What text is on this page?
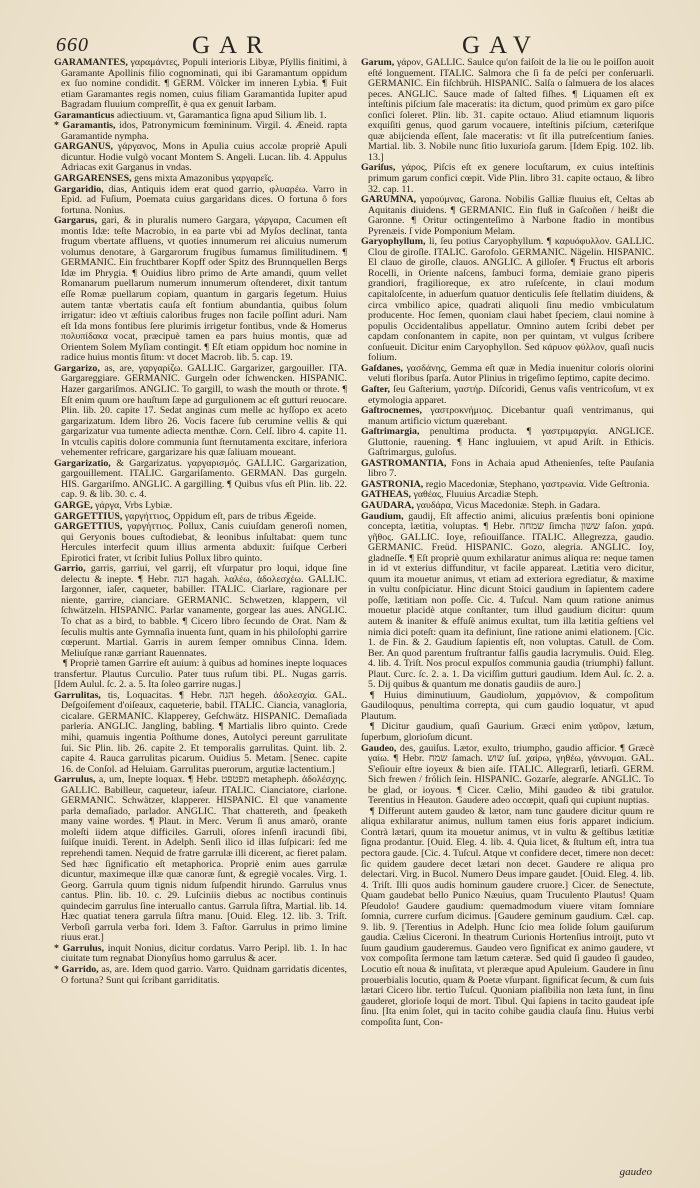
660	GAR	GAV

GARAMANTES, γαραμάντες, Populi interioris Libyæ, Pſyllis finitimi, à Garamante Apollinis filio cognominati, qui ibi Garamantum oppidum ex ſuo nomine condidit. ¶ GERM. Völcker im inneren Lybia. ¶ Fuit etiam Garamantes regis nomen, cuius filiam Garamantida Iupiter apud Bagradam fluuium compreſſit, è qua ex genuit Iarbam.

Garamanticus adiectiuum. vt, Garamantica ſigna apud Silium lib. 1.

* Garamantis, idos, Patronymicum fœmininum. Virgil. 4. Æneid. rapta Garamantide nympha.

GARGANUS, γάργανος, Mons in Apulia cuius accolæ propriè Apuli dicuntur. Hodie vulgò vocant Montem S. Angeli. Lucan. lib. 4. Appulus Adriacas exit Garganus in vndas.

GARGARENSES, gens mixta Amazonibus γαργαρεῖς.

Gargaridio, dias, Antiquis idem erat quod garrio, φλυαρέω. Varro in Epid. ad Fuſium, Poemata cuius gargaridans dices. O fortuna ô fors fortuna. Nonius.

Gargarus, gari, & in pluralis numero Gargara, γάργαρα, Cacumen eſt montis Idæ: teſte Macrobio, in ea parte vbi ad Myſos declinat, tanta frugum vbertate affluens, vt quoties innumerum rei alicuius numerum volumus denotare, à Gargarorum frugibus ſumamus ſimilitudinem. ¶ GERMANIC. Ein fruchtbarer Kopff oder Spitz des Brunnquellen Bergs Idæ im Phrygia. ¶ Ouidius libro primo de Arte amandi, quum vellet Romanarum puellarum numerum innumerum oſtenderet, dixit tantum eſſe Romæ puellarum copiam, quantum in gargaris ſegetum. Huius autem tantæ vbertatis cauſa eſt fontium abundantia, quibus ſolum irrigatur: ideo vt æſtiuis caloribus fruges non facile poſſint aduri. Nam eſt Ida mons fontibus ſere plurimis irrigetur fontibus, vnde & Homerus πολυπίδακα vocat, præcipuè tamen ea pars huius montis, quæ ad Orientem Solem Myſiam contingit. ¶ Eſt etiam oppidum hoc nomine in radice huius montis ſitum: vt docet Macrob. lib. 5. cap. 19.

Gargarizo, as, are, γαργαρίζω. GALLIC. Gargarizer, gargouiller. ITA. Gargareggiare. GERMANIC. Gurgeln oder ſchwencken. HISPANIC. Hazer gargariſmos. ANGLIC. To gargill, to wash the mouth or throte. ¶ Eſt enim quum ore hauſtum ſæpe ad gurgulionem ac eſt gutturi reuocare. Plin. lib. 20. capite 17. Sedat anginas cum melle ac hyſſopo ex aceto gargarizatum. Idem libro 26. Vocis facere ſub cerumine vellis & qui gargarizatur vua tumente adiecta menthæ. Corn. Celſ. libro 4. capite 11. In vtculis capitis dolore communia ſunt ſternutamenta excitare, inferiora vehementer refricare, gargarizare his quæ ſaliuam moueant.

Gargarizatio, & Gargarizatus. γαργαρισμός. GALLIC. Gargarization, gargouillement. ITALIC. Gargariſamento. GERMAN. Das gurgeln. HIS. Gargariſmo. ANGLIC. A gargilling. ¶ Quibus vſus eſt Plin. lib. 22. cap. 9. & lib. 30. c. 4.

GARGE, γάργα, Vrbs Lybiæ.

GARGETTIUS, γαργήττιος, Oppidum eſt, pars de tribus Ægeide.

GARGETTIUS, γαργήττιος. Pollux, Canis cuiuſdam generoſi nomen, qui Geryonis boues cuſtodiebat, & leonibus inſultabat: quem tunc Hercules interfecit quum illius armenta abduxit: ſuiſque Cerberi Epirotici frater, vt ſcribit Iulius Pollux libro quinto.

Garrio, garris, garriui, vel garrij, eſt vſurpatur pro loqui, idque ſine delectu & inepte. ¶ Hebr. הגה hagah. λαλέω, ἀδολεσχέω. GALLIC. Iargonner, iaſer, caqueter, babiller. ITALIC. Ciarlare, ragionare per niente, garrire, cianciare. GERMANIC. Schwetzen, klappern, vil ſchwätzeln. HISPANIC. Parlar vanamente, gorgear las aues. ANGLIC. To chat as a bird, to babble. ¶ Cicero libro ſecundo de Orat. Nam & ſeculis multis ante Gymnaſia inuenta ſunt, quam in his philoſophi garrire cœperunt. Martial. Garris in aurem ſemper omnibus Cinna. Idem. Meliuſque ranæ garriant Rauennates.

¶ Propriè tamen Garrire eſt auium: à quibus ad homines inepte loquaces transfertur. Plautus Curculio. Pater tuus ruſum tibi. PL. Nugas garris. [Idem Aulul. ſc. 2. a. 5. Ita ſoleo garrire nugas.]

Garrulitas, tis, Loquacitas. ¶ Hebr. הגה hegeh. ἀδολεσχία. GAL. Deſgoiſement d'oiſeaux, caqueterie, babil. ITALIC. Ciancia, vanagloria, cicalare. GERMANIC. Klapperey, Geſchwätz. HISPANIC. Demaſiada parleria. ANGLIC. Jangling, babling. ¶ Martialis libro quinto. Crede mihi, quamuis ingentia Poſthume dones, Autolyci pereunt garrulitate ſui. Sic Plin. lib. 26. capite 2. Et temporalis garrulitas. Quint. lib. 2. capite 4. Rauca garrulitas picarum. Ouidius 5. Metam. [Senec. capite 16. de Conſol. ad Heluiam. Garrulitas puerorum, argutiæ lactentium.]

Garrulus, a, um, Inepte loquax. ¶ Hebr. מפטפט metapheph. ἀδολέσχης. GALLIC. Babilleur, caqueteur, iaſeur. ITALIC. Cianciatore, ciarlone. GERMANIC. Schwätzer, klapperer. HISPANIC. El que vanamente parla demaſiado, parlador. ANGLIC. That chattereth, and ſpeaketh many vaine wordes. ¶ Plaut. in Merc. Verum ſi anus amarò, orante moleſti iidem atque difficiles. Garruli, oſores inſenſi iracundi ſibi, ſuiſque inuidi. Terent. in Adelph. Senſi ilico id illas ſuſpicari: ſed me reprehendi tamen. Nequid de fratre garrulæ illi dicerent, ac fieret palam. Sed hæc ſignificatio eſt metaphorica. Propriè enim aues garrulæ dicuntur, maximeque illæ quæ canoræ ſunt, & egregiè vocales. Virg. 1. Georg. Garrula quum tignis nidum ſuſpendit hirundo. Garrulus vnus cantus. Plin. lib. 10. c. 29. Luſciniis diebus ac noctibus continuis quindecim garrulus ſine interuallo cantus. Garrula ſiſtra, Martial. lib. 14. Hæc quatiat tenera garrula ſiſtra manu. [Ouid. Eleg. 12. lib. 3. Triſt. Verboſi garrula verba fori. Idem 3. Faſtor. Garrulus in primo limine riuus erat.]

* Garrulus, inquit Nonius, dicitur cordatus. Varro Peripl. lib. 1. In hac ciuitate tum regnabat Dionyſius homo garrulus & acer.

* Garrido, as, are. Idem quod garrio. Varro. Quidnam garridatis dicentes, O fortuna? Sunt qui ſcribant garriditatis.

Garum, γάρον, GALLIC. Saulce qu'on faiſoit de la lie ou le poiſſon auoit eſté longuement. ITALIC. Salmora che ſi fa de peſci per conſeruarli. GERMANIC. Ein fiſchbrüh. HISPANIC. Salſa o ſalmuera de los alaces peces. ANGLIC. Sauce made of ſalted fiſhes. ¶ Liquamen eſt ex inteſtinis piſcium ſale maceratis: ita dictum, quod primùm ex garo piſce conſici ſoleret. Plin. lib. 31. capite octauo. Aliud etiamnum liquoris exquiſiti genus, quod garum vocauere, inteſtinis piſcium, cæteriſque quæ abijcienda eſſent, ſale maceratis: vt ſit illa putreſcentium ſanies. Martial. lib. 3. Nobile nunc ſitio luxurioſa garum. [Idem Epig. 102. lib. 13.]

Gariſus, γάρος, Piſcis eſt ex genere locuſtarum, ex cuius inteſtinis primum garum confici cœpit. Vide Plin. libro 31. capite octauo, & libro 32. cap. 11.

GARUMNA, γαρούμνας, Garona. Nobilis Galliæ fluuius eſt, Celtas ab Aquitanis diuidens. ¶ GERMANIC. Ein fluß in Gaſcoñen / heißt die Garonne. ¶ Oritur octingenteſimo à Narbone ſtadio in montibus Pyrenæis. ſ vide Pomponium Melam.

Garyophyllum, li, ſeu potius Caryophyllum. ¶ καρυόφυλλον. GALLIC. Clou de giroſle. ITALIC. Garofolo. GERMANIC. Nägelin. HISPANIC. El clauo de giroſle, clauos. ANGLIC. A gilloſer. ¶ Fructus eſt arboris Rocelli, in Oriente naſcens, ſambuci forma, demiaie grano piperis grandiori, fragilioreque, ex atro ruſeſcente, in claui modum capitaloſcente, in aduerſum quatuor denticulis ſeſe ſtellatim diuidens, & circa vmbilico apice, quadrati aliquoli ſinu medio vmbiculatum producente. Hoc ſemen, quoniam claui habet ſpeciem, claui nomine à populis Occidentalibus appellatur. Omnino autem ſcribi debet per capdam conſonantem in capite, non per quintam, vt vulgus ſcribere conſueuit. Dicitur enim Caryophyllon. Sed κάρυον φύλλον, quaſi nucis folium.

Gaſdanes, γασδάνης, Gemma eſt quæ in Media inuenitur coloris olorini veluti floribus ſparſa. Autor Plinius in trigeſimo ſeptimo, capite decimo.

Gaſter, ſeu Gaſterium, γαστήρ. Diſcoridi, Genus vaſis ventricoſum, vt ex etymologia apparet.

Gaſtrocnemes, γαστροκνήμιος. Dicebantur quaſi ventrimanus, qui manum artificio victum quærebant.

Gaſtrimargia, penultima producta. ¶ γαστριμαργία. ANGLICE. Gluttonie, rauening. ¶ Hanc ingluuiem, vt apud Ariſt. in Ethicis. Gaſtrimargus, guloſus.

GASTROMANTIA, Fons in Achaia apud Athenienſes, teſte Pauſania libro 7.

GASTRONIA, regio Macedoniæ, Stephano, γαστρωνία. Vide Geſtronia.

GATHEAS, γαθέας, Fluuius Arcadiæ Steph.

GAUDARA, γαυδάρα, Vicus Macedoniæ. Steph. in Gadara.

Gaudium, gaudij, Eſt affectio animi, alicuius præſentis boni opinione concepta, lætitia, voluptas. ¶ Hebr. שמחה ſimcha ששון ſaſon. χαρά. γῆθος. GALLIC. Ioye, reſiouiſſance. ITALIC. Allegrezza, gaudio. GERMANIC. Freüd. HISPANIC. Gozo, alegria. ANGLIC. Ioy, gladneſſe. ¶ Eſt propriè quum exhilaratur animus aliqua re: neque tamen in id vt exterius diffunditur, vt facile appareat. Lætitia vero dicitur, quum ita mouetur animus, vt etiam ad exteriora egrediatur, & maxime in vultu conſpiciatur. Hinc dicunt Stoici gaudium in ſapientem cadere poſſe, lætitiam non poſſe. Cic. 4. Tuſcul. Nam quum ratione animus mouetur placidè atque conſtanter, tum illud gaudium dicitur: quum autem & inaniter & effuſè animus exultat, tum illa lætitia geſtiens vel nimia dici poteſt: quam ita definiunt, ſine ratione animi elationem. [Cic. 1. de Fin. & 2. Gaudium ſapientis eſt, non voluptas. Catull. de Com. Ber. An quod parentum fruſtrantur falſis gaudia lacrymulis. Ouid. Eleg. 4. lib. 4. Triſt. Nos procul expulſos communia gaudia (triumphi) fallunt. Plaut. Curc. ſc. 2. a. 1. Da viciſſim gutturi gaudium. Idem Aul. ſc. 2. a. 5. Dij quibus & quantum me donatis gaudiis de auro.]

¶ Huius diminutiuum, Gaudiolum, χαρμόνιον, & compoſitum Gaudiloquus, penultima correpta, qui cum gaudio loquatur, vt apud Plautum.

¶ Dicitur gaudium, quaſi Gaurium. Græci enim γαῦρον, lætum, ſuperbum, glorioſum dicunt.

Gaudeo, des, gauiſus. Lætor, exulto, triumpho, gaudio afficior. ¶ Græcè γαίω. ¶ Hebr. שמח ſamach. שוש ſuſ. χαίρω, γηθέω, γάννυμαι. GAL. S'eſiouir eſtre ioyeux & bien aiſe. ITALIC. Allegrarſi, letiarſi. GERM. Sich frewen / frölich ſein. HISPANIC. Gozarſe, alegrarſe. ANGLIC. To be glad, or ioyous. ¶ Cicer. Cælio, Mihi gaudeo & tibi gratulor. Terentius in Heauton. Gaudere adeo occœpit, quaſi qui cupiunt nuptias.

¶ Differunt autem gaudeo & lætor, nam tunc gaudere dicitur quum re aliqua exhilaratur animus, nullum tamen eius foris apparet indicium. Contrà lætari, quum ita mouetur animus, vt in vultu & geſtibus lætitiæ ſigna prodantur. [Ouid. Eleg. 4. lib. 4. Quia licet, & ſtultum eſt, intra tua pectora gaude. [Cic. 4. Tuſcul. Atque vt confidere decet, timere non decet: ſic quidem gaudere decet lætari non decet. Gaudere re aliqua pro delectari. Virg. in Bucol. Numero Deus impare gaudet. [Ouid. Eleg. 4. lib. 4. Triſt. Illi quos audis hominum gaudere cruore.] Cicer. de Senectute, Quam gaudebat bello Punico Næuius, quam Truculento Plautus! Quam Pſeudolo! Gaudere gaudium: quemadmodum viuere vitam ſomniare ſomnia, currere curſum dicimus. [Gaudere geminum gaudium. Cæl. cap. 9. lib. 9. [Terentius in Adelph. Hunc ſcio mea ſolide ſolum gauiſurum gaudia. Cælius Ciceroni. In theatrum Curionis Hortenſius introijt, puto vt ſuum gaudium gauderemus. Gaudeo vero ſignificat ex animo gaudere, vt vox compoſita ſermone tam lætum cæteræ. Sed quid ſi gaudeo ſi gaudeo, Locutio eſt noua & inuſitata, vt pleræque apud Apuleium. Gaudere in ſinu prouerbialis locutio, quam & Poetæ vſurpant. ſignificat ſecum, & cum ſuis lætari Cicero libr. tertio Tuſcul. Quoniam piaſibilia non læta ſunt, in ſinu gauderet, glorioſe loqui de mort. Tibul. Qui ſapiens in tacito gaudeat ipſe ſinu. [Ita enim ſolet, qui in tacito cohibe gaudia clauſa ſinu. Huius verbi compoſita ſunt, Con-

gaudeo
